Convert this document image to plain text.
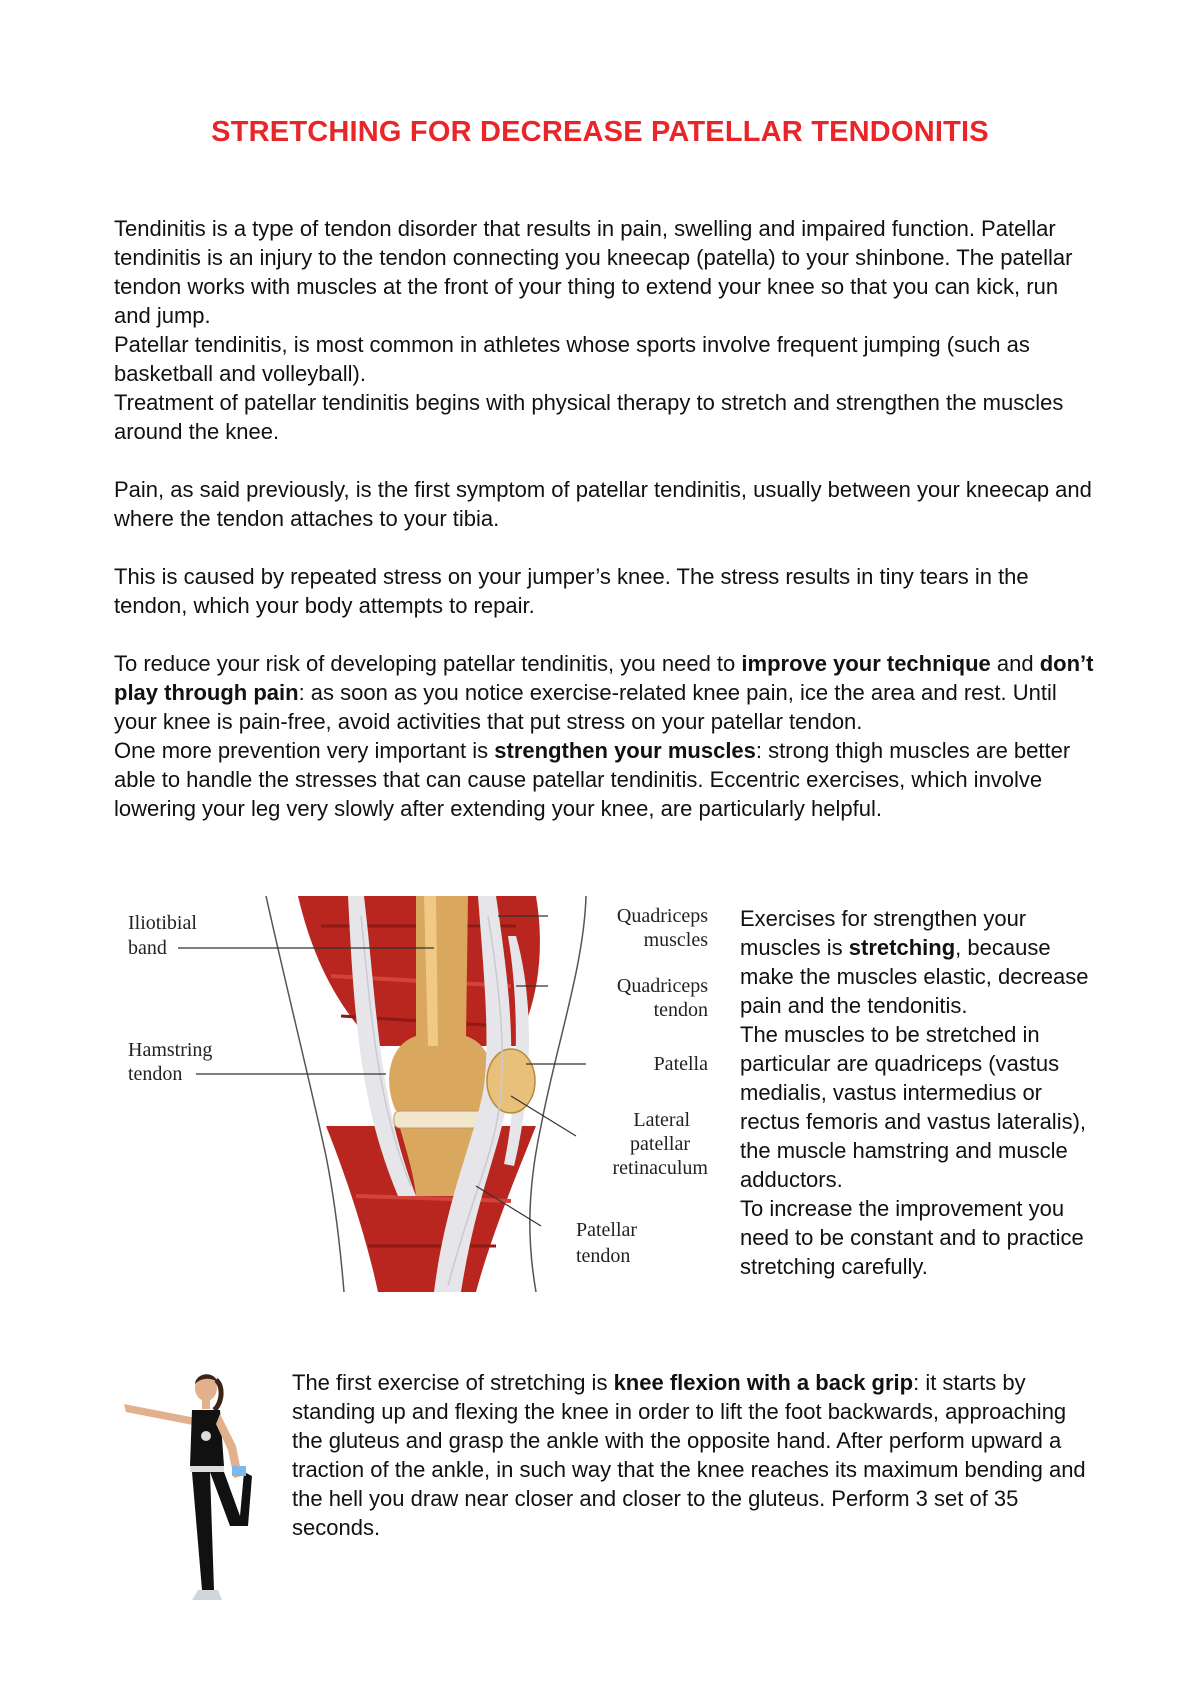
STRETCHING FOR DECREASE PATELLAR TENDONITIS

Tendinitis is a type of tendon disorder that results in pain, swelling and impaired function. Patellar tendinitis is an injury to the tendon connecting you kneecap (patella) to your shinbone. The patellar tendon works with muscles at the front of your thing to extend your knee so that you can kick, run and jump.

Patellar tendinitis, is most common in athletes whose sports involve frequent jumping (such as basketball and volleyball).

Treatment of patellar tendinitis begins with physical therapy to stretch and strengthen the muscles around the knee.

Pain, as said previously, is the first symptom of patellar tendinitis, usually between your kneecap and where the tendon attaches to your tibia.

This is caused by repeated stress on your jumper’s knee. The stress results in tiny tears in the tendon, which your body attempts to repair.

To reduce your risk of developing patellar tendinitis, you need to improve your technique and don’t play through pain: as soon as you notice exercise-related knee pain, ice the area and rest. Until your knee is pain-free, avoid activities that put stress on your patellar tendon.

One more prevention very important is strengthen your muscles: strong thigh muscles are better able to handle the stresses that can cause patellar tendinitis. Eccentric exercises, which involve lowering your leg very slowly after extending your knee, are particularly helpful.

Iliotibial
band
Quadriceps
muscles
Quadriceps
tendon
Hamstring
tendon	Patella
Lateral
patellar
retinaculum
Patellar
tendon

Exercises for strengthen your muscles is stretching, because make the muscles elastic, decrease pain and the tendonitis.

The muscles to be stretched in particular are quadriceps (vastus medialis, vastus intermedius or rectus femoris and vastus lateralis), the muscle hamstring and muscle adductors.

To increase the improvement you need to be constant and to practice stretching carefully.

The first exercise of stretching is knee flexion with a back grip: it starts by standing up and flexing the knee in order to lift the foot backwards, approaching the gluteus and grasp the ankle with the opposite hand. After perform upward a traction of the ankle, in such way that the knee reaches its maximum bending and the hell you draw near closer and closer to the gluteus. Perform 3 set of 35 seconds.
